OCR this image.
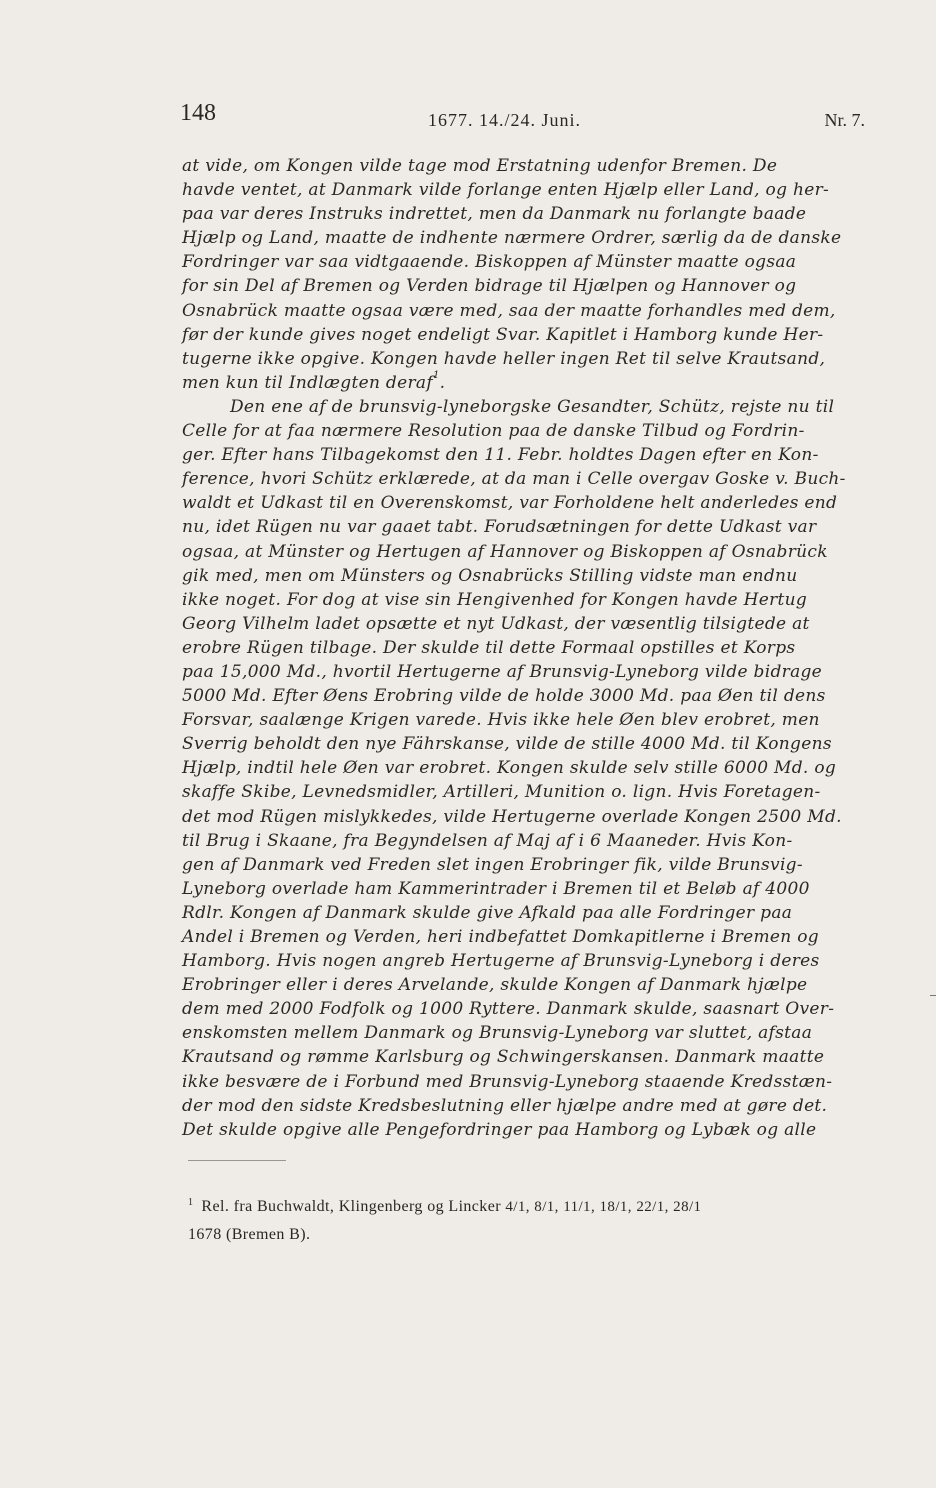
148	1677. 14./24. Juni.	Nr. 7.
at vide, om Kongen vilde tage mod Erstatning udenfor Bremen. De
havde ventet, at Danmark vilde forlange enten Hjælp eller Land, og her-
paa var deres Instruks indrettet, men da Danmark nu forlangte baade
Hjælp og Land, maatte de indhente nærmere Ordrer, særlig da de danske
Fordringer var saa vidtgaaende. Biskoppen af Münster maatte ogsaa
for sin Del af Bremen og Verden bidrage til Hjælpen og Hannover og
Osnabrück maatte ogsaa være med, saa der maatte forhandles med dem,
før der kunde gives noget endeligt Svar. Kapitlet i Hamborg kunde Her-
tugerne ikke opgive. Kongen havde heller ingen Ret til selve Krautsand,
men kun til Indlægten deraf$^1$.
Den ene af de brunsvig-lyneborgske Gesandter, Schütz, rejste nu til
Celle for at faa nærmere Resolution paa de danske Tilbud og Fordrin-
ger. Efter hans Tilbagekomst den 11. Febr. holdtes Dagen efter en Kon-
ference, hvori Schütz erklærede, at da man i Celle overgav Goske v. Buch-
waldt et Udkast til en Overenskomst, var Forholdene helt anderledes end
nu, idet Rügen nu var gaaet tabt. Forudsætningen for dette Udkast var
ogsaa, at Münster og Hertugen af Hannover og Biskoppen af Osnabrück
gik med, men om Münsters og Osnabrücks Stilling vidste man endnu
ikke noget. For dog at vise sin Hengivenhed for Kongen havde Hertug
Georg Vilhelm ladet opsætte et nyt Udkast, der væsentlig tilsigtede at
erobre Rügen tilbage. Der skulde til dette Formaal opstilles et Korps
paa 15,000 Md., hvortil Hertugerne af Brunsvig-Lyneborg vilde bidrage
5000 Md. Efter Øens Erobring vilde de holde 3000 Md. paa Øen til dens
Forsvar, saalænge Krigen varede. Hvis ikke hele Øen blev erobret, men
Sverrig beholdt den nye Fährskanse, vilde de stille 4000 Md. til Kongens
Hjælp, indtil hele Øen var erobret. Kongen skulde selv stille 6000 Md. og
skaffe Skibe, Levnedsmidler, Artilleri, Munition o. lign. Hvis Foretagen-
det mod Rügen mislykkedes, vilde Hertugerne overlade Kongen 2500 Md.
til Brug i Skaane, fra Begyndelsen af Maj af i 6 Maaneder. Hvis Kon-
gen af Danmark ved Freden slet ingen Erobringer fik, vilde Brunsvig-
Lyneborg overlade ham Kammerintrader i Bremen til et Beløb af 4000
Rdlr. Kongen af Danmark skulde give Afkald paa alle Fordringer paa
Andel i Bremen og Verden, heri indbefattet Domkapitlerne i Bremen og
Hamborg. Hvis nogen angreb Hertugerne af Brunsvig-Lyneborg i deres
Erobringer eller i deres Arvelande, skulde Kongen af Danmark hjælpe
dem med 2000 Fodfolk og 1000 Ryttere. Danmark skulde, saasnart Over-
enskomsten mellem Danmark og Brunsvig-Lyneborg var sluttet, afstaa
Krautsand og rømme Karlsburg og Schwingerskansen. Danmark maatte
ikke besvære de i Forbund med Brunsvig-Lyneborg staaende Kredsstæn-
der mod den sidste Kredsbeslutning eller hjælpe andre med at gøre det.
Det skulde opgive alle Pengefordringer paa Hamborg og Lybæk og alle
$^1$ Rel. fra Buchwaldt, Klingenberg og Lincker 4/1, 8/1, 11/1, 18/1, 22/1, 28/1
1678 (Bremen B).
